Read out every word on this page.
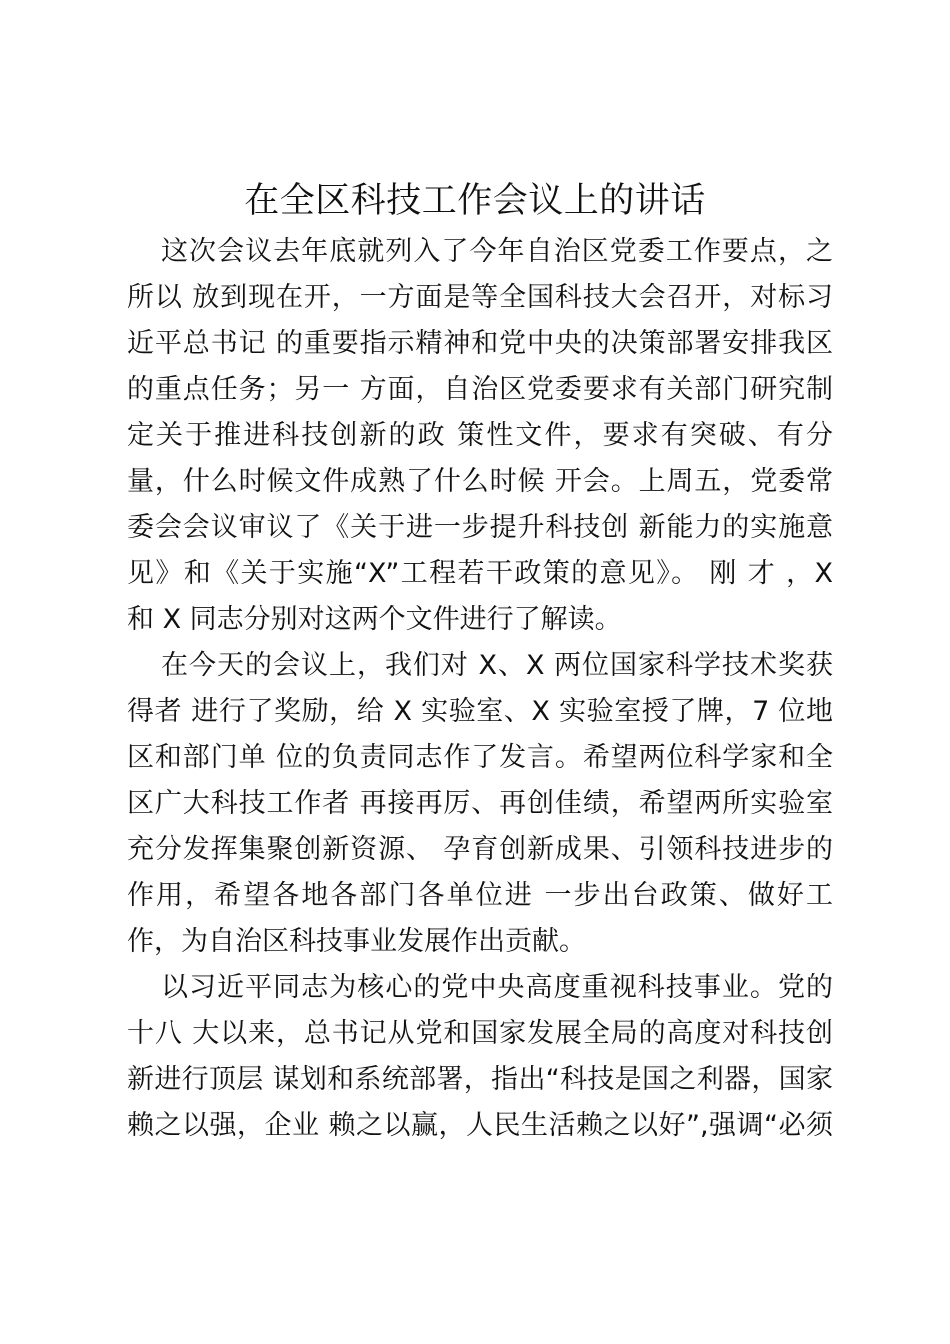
在全区科技工作会议上的讲话
这次会议去年底就列入了今年自治区党委工作要点，之
所以 放到现在开，一方面是等全国科技大会召开，对标习
近平总书记 的重要指示精神和党中央的决策部署安排我区
的重点任务；另一 方面，自治区党委要求有关部门研究制
定关于推进科技创新的政 策性文件，要求有突破、有分
量，什么时候文件成熟了什么时候 开会。上周五，党委常
委会会议审议了《关于进一步提升科技创 新能力的实施意
见》和《关于实施“X”工程若干政策的意见》。 刚 才 ，X
和 X 同志分别对这两个文件进行了解读。
在今天的会议上，我们对 X、X 两位国家科学技术奖获
得者 进行了奖励，给 X 实验室、X 实验室授了牌，7 位地
区和部门单 位的负责同志作了发言。希望两位科学家和全
区广大科技工作者 再接再厉、再创佳绩，希望两所实验室
充分发挥集聚创新资源、 孕育创新成果、引领科技进步的
作用，希望各地各部门各单位进 一步出台政策、做好工
作，为自治区科技事业发展作出贡献。
以习近平同志为核心的党中央高度重视科技事业。党的
十八 大以来，总书记从党和国家发展全局的高度对科技创
新进行顶层 谋划和系统部署，指出“科技是国之利器，国家
赖之以强，企业 赖之以赢，人民生活赖之以好”,强调“必须
